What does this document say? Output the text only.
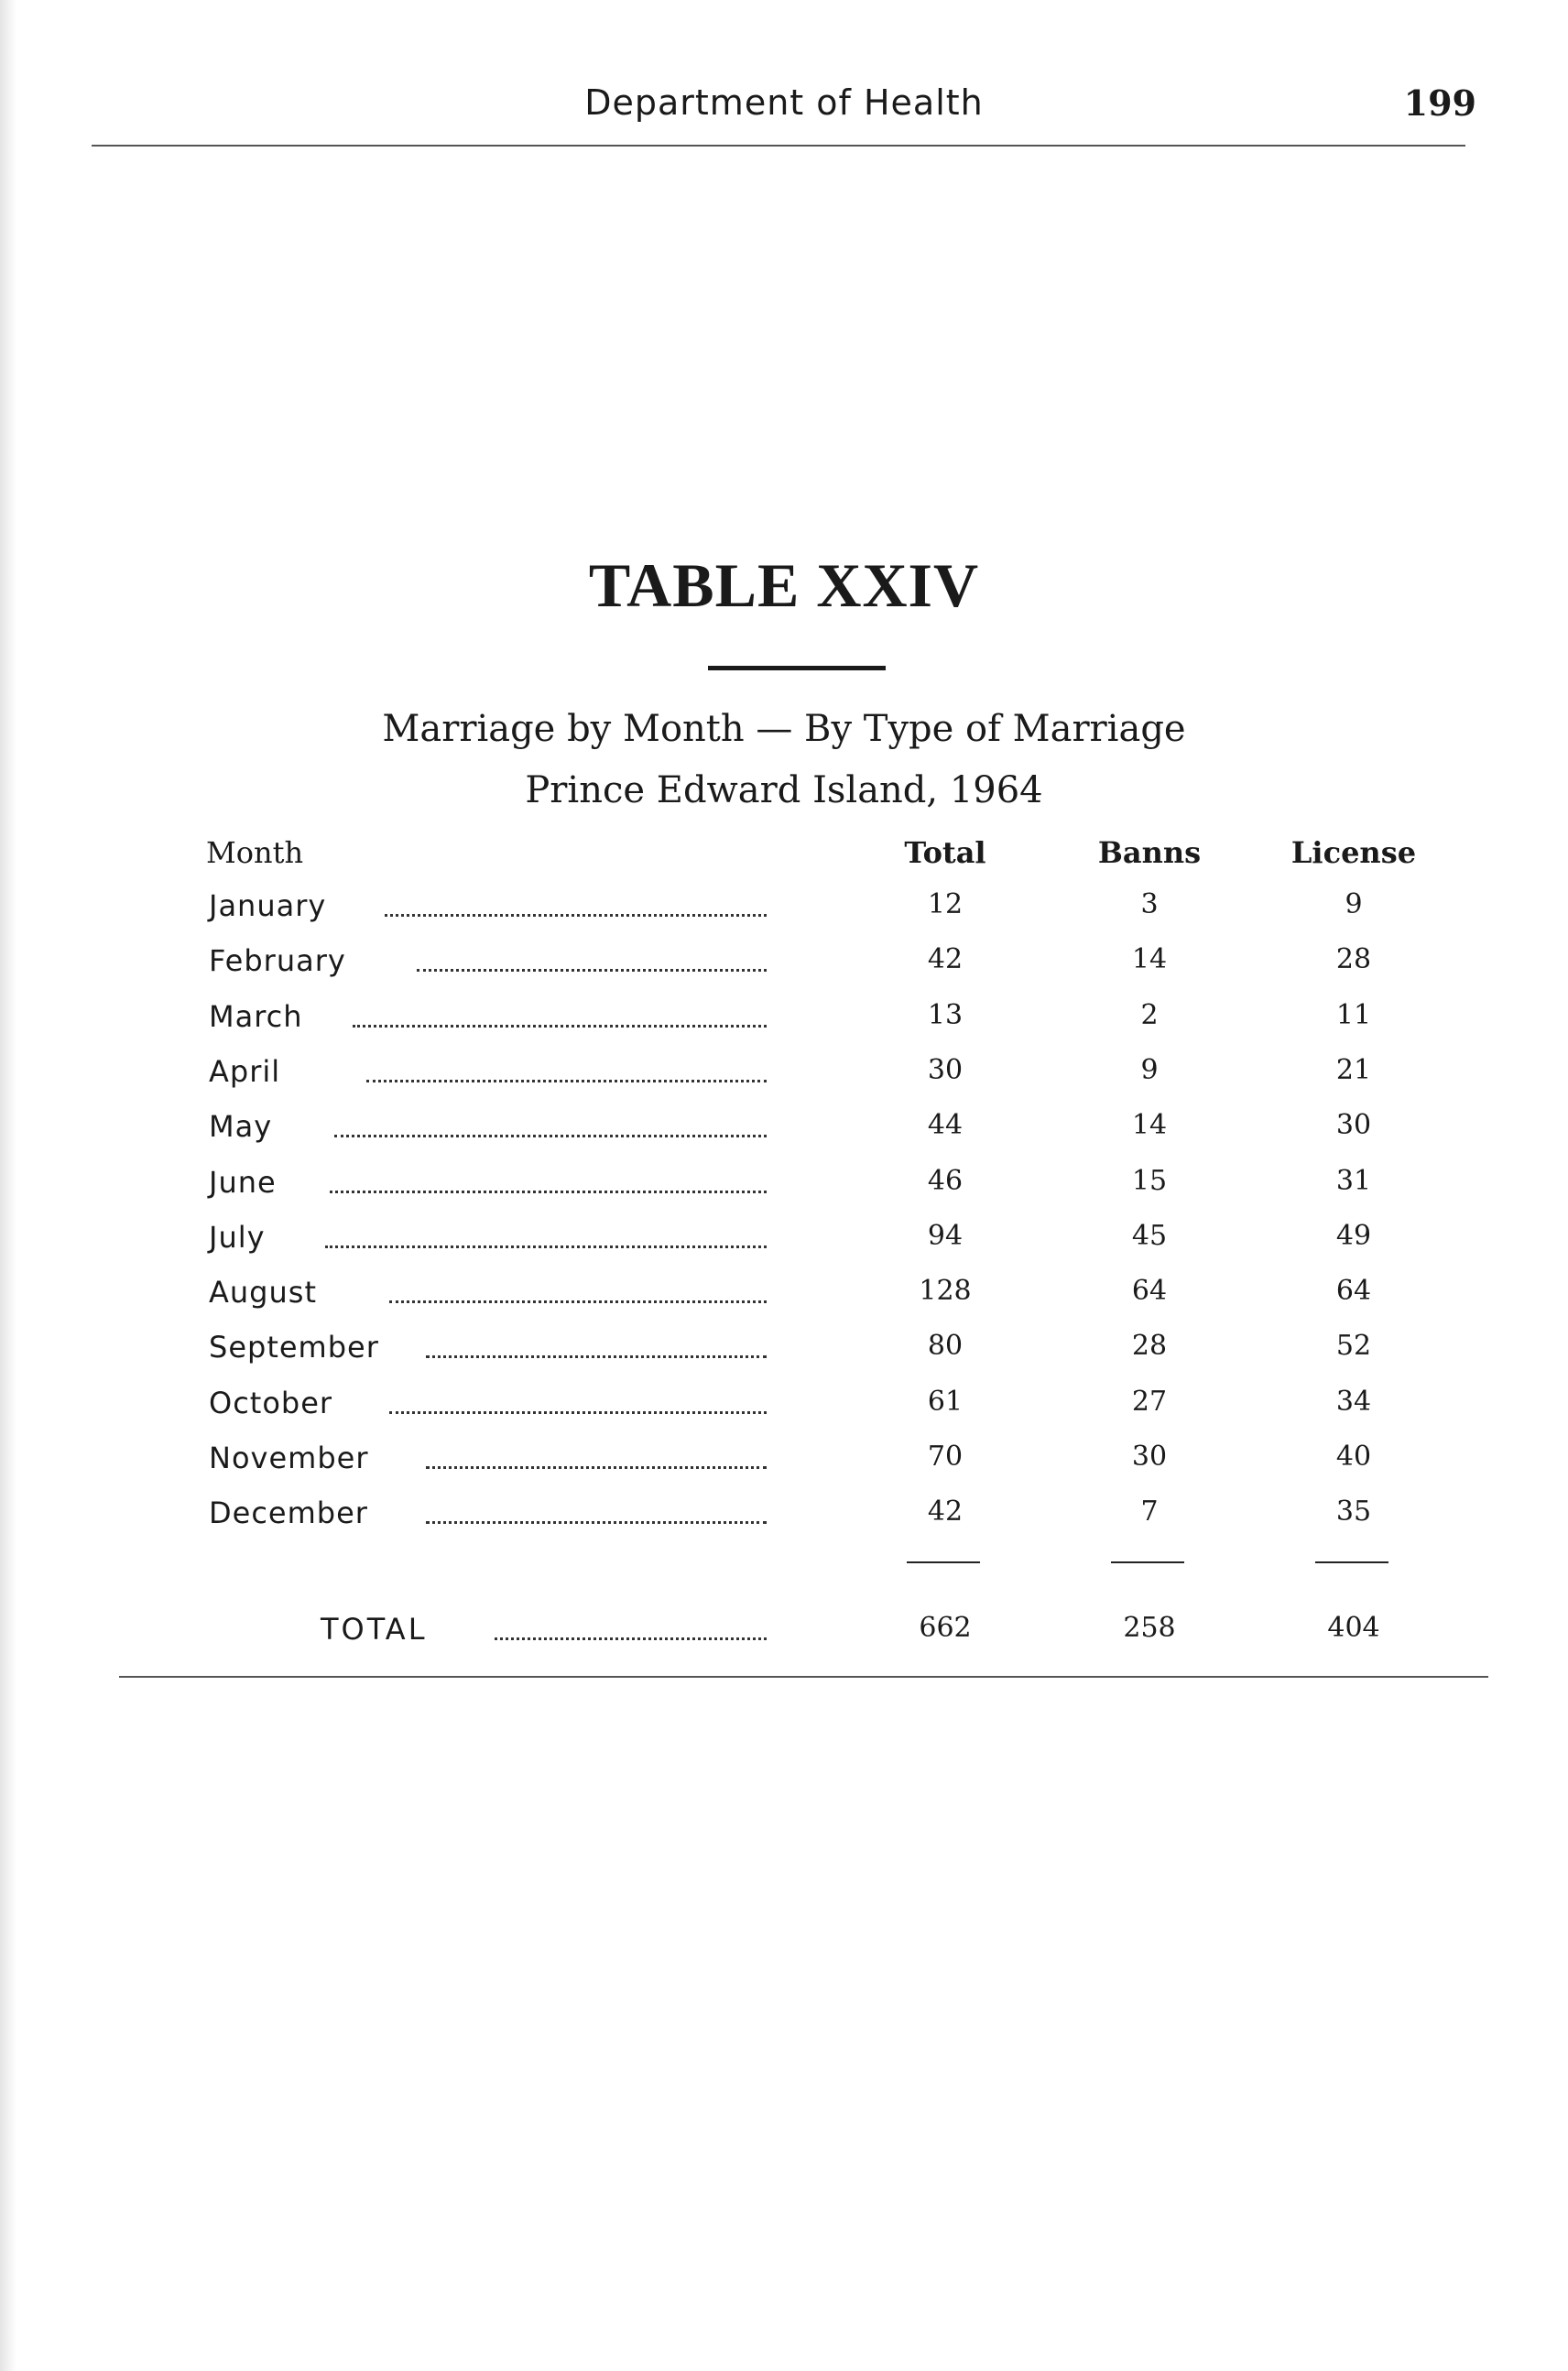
Department of Health	199
TABLE XXIV
Marriage by Month — By Type of Marriage
Prince Edward Island, 1964
Month	Total	Banns	License
January	12	3	9
February	42	14	28
March	13	2	11
April	30	9	21
May	44	14	30
June	46	15	31
July	94	45	49
August	128	64	64
September	80	28	52
October	61	27	34
November	70	30	40
December	42	7	35
TOTAL	662	258	404
